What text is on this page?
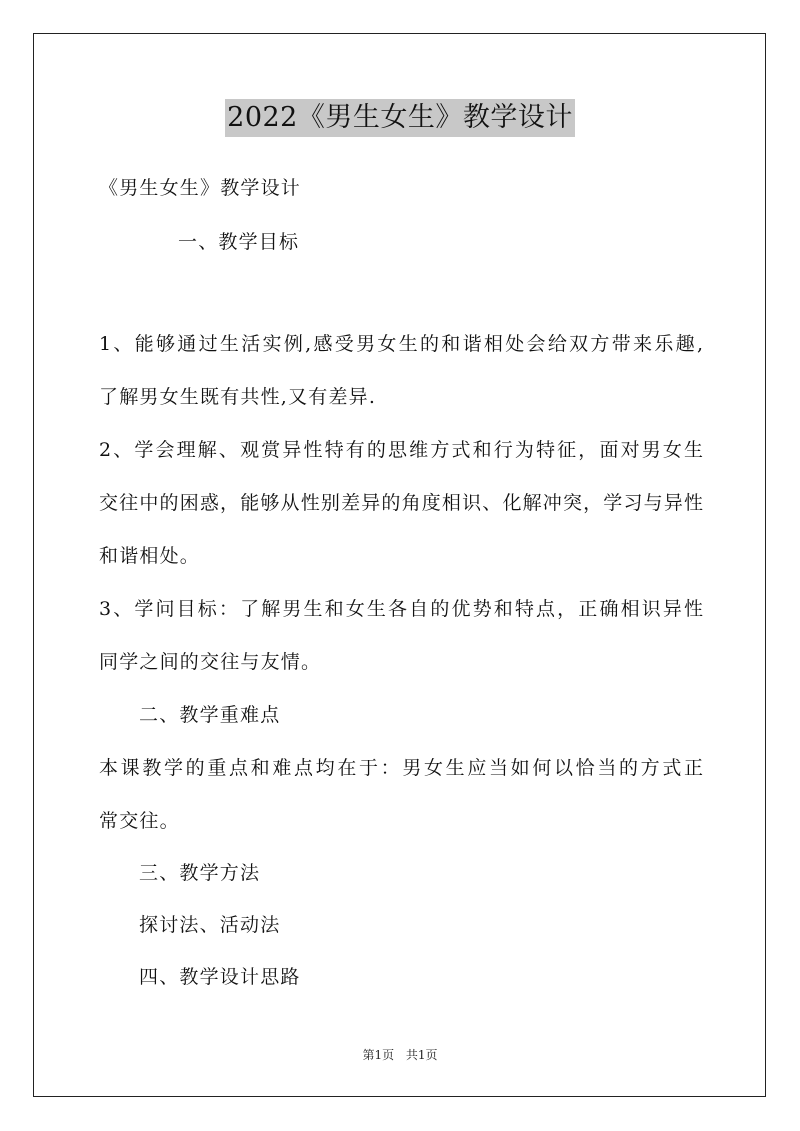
2022《男生女生》教学设计
《男生女生》教学设计
一、教学目标
1、能够通过生活实例,感受男女生的和谐相处会给双方带来乐趣,
了解男女生既有共性,又有差异.
2、学会理解、观赏异性特有的思维方式和行为特征，面对男女生
交往中的困惑，能够从性别差异的角度相识、化解冲突，学习与异性
和谐相处。
3、学问目标：了解男生和女生各自的优势和特点，正确相识异性
同学之间的交往与友情。
二、教学重难点
本课教学的重点和难点均在于：男女生应当如何以恰当的方式正
常交往。
三、教学方法
探讨法、活动法
四、教学设计思路
第1页 共1页
